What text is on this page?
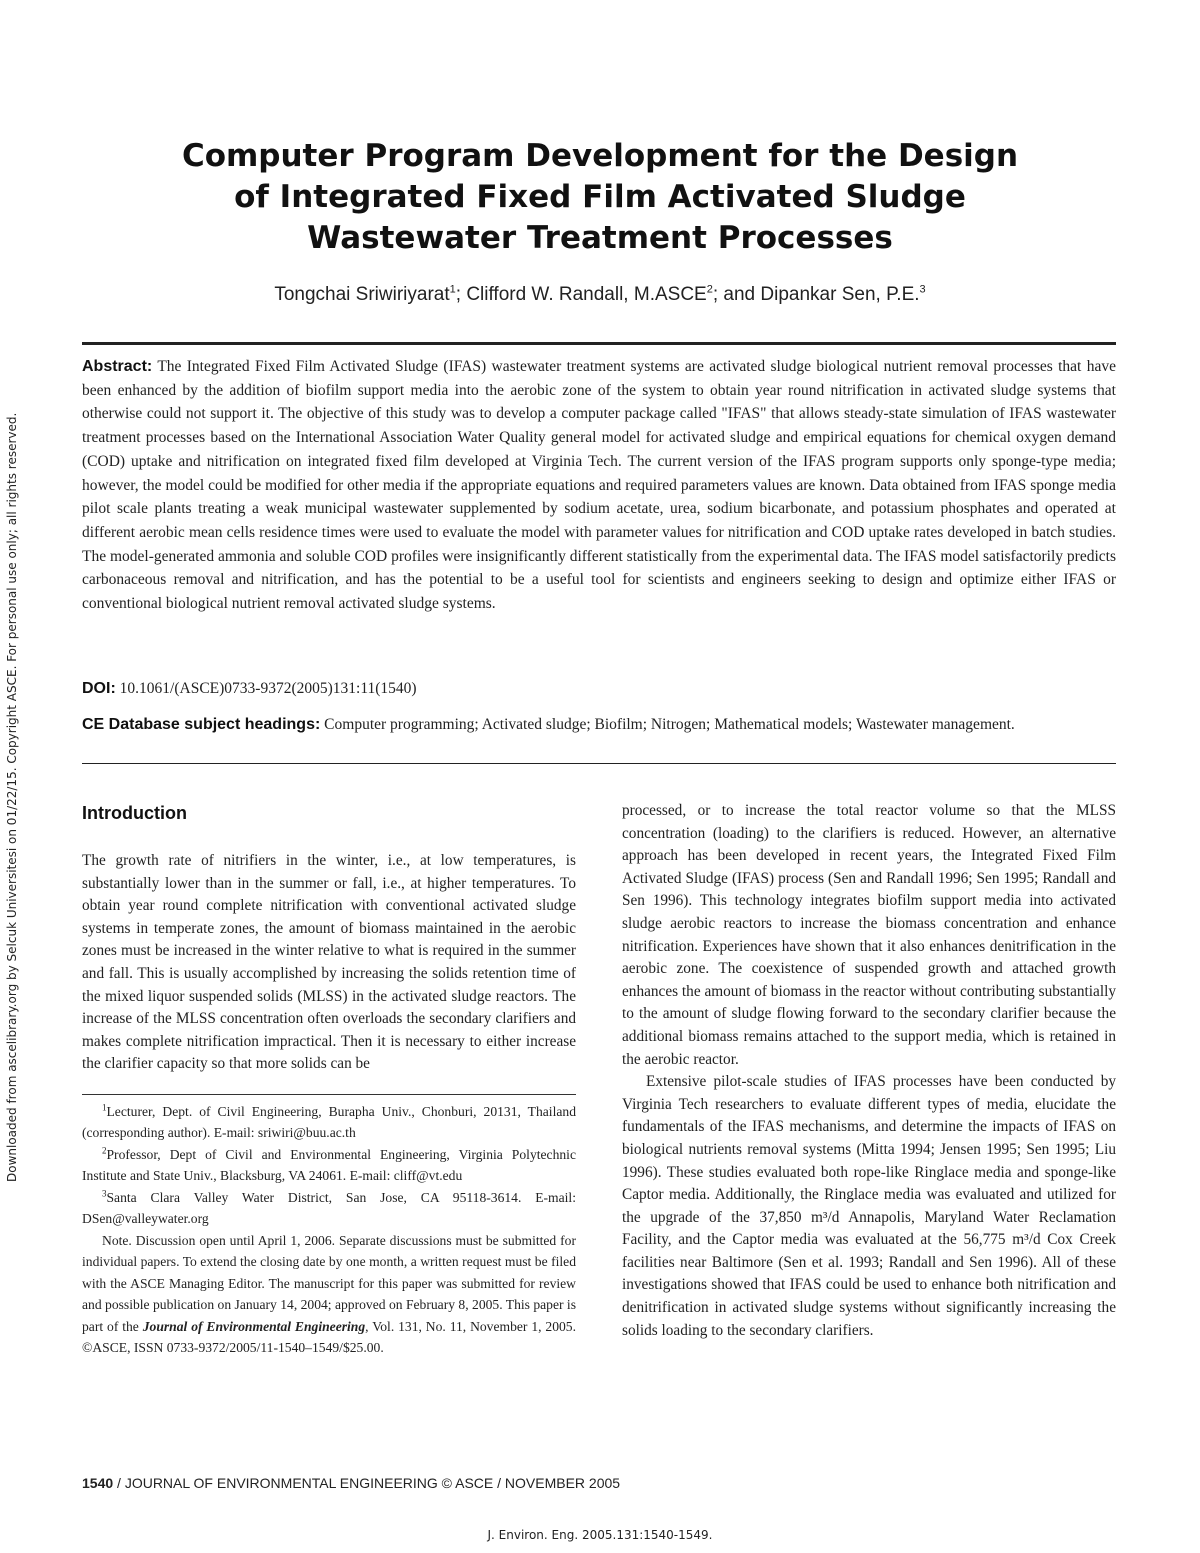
Downloaded from ascelibrary.org by Selcuk Universitesi on 01/22/15. Copyright ASCE. For personal use only; all rights reserved.
Computer Program Development for the Design
of Integrated Fixed Film Activated Sludge
Wastewater Treatment Processes
Tongchai Sriwiriyarat$^1$; Clifford W. Randall, M.ASCE$^2$; and Dipankar Sen, P.E.$^3$
Abstract: The Integrated Fixed Film Activated Sludge (IFAS) wastewater treatment systems are activated sludge biological nutrient removal processes that have been enhanced by the addition of biofilm support media into the aerobic zone of the system to obtain year round nitrification in activated sludge systems that otherwise could not support it. The objective of this study was to develop a computer package called "IFAS" that allows steady-state simulation of IFAS wastewater treatment processes based on the International Association Water Quality general model for activated sludge and empirical equations for chemical oxygen demand (COD) uptake and nitrification on integrated fixed film developed at Virginia Tech. The current version of the IFAS program supports only sponge-type media; however, the model could be modified for other media if the appropriate equations and required parameters values are known. Data obtained from IFAS sponge media pilot scale plants treating a weak municipal wastewater supplemented by sodium acetate, urea, sodium bicarbonate, and potassium phosphates and operated at different aerobic mean cells residence times were used to evaluate the model with parameter values for nitrification and COD uptake rates developed in batch studies. The model-generated ammonia and soluble COD profiles were insignificantly different statistically from the experimental data. The IFAS model satisfactorily predicts carbonaceous removal and nitrification, and has the potential to be a useful tool for scientists and engineers seeking to design and optimize either IFAS or conventional biological nutrient removal activated sludge systems.
DOI: 10.1061/(ASCE)0733-9372(2005)131:11(1540)
CE Database subject headings: Computer programming; Activated sludge; Biofilm; Nitrogen; Mathematical models; Wastewater management.
Introduction

The growth rate of nitrifiers in the winter, i.e., at low temperatures, is substantially lower than in the summer or fall, i.e., at higher temperatures. To obtain year round complete nitrification with conventional activated sludge systems in temperate zones, the amount of biomass maintained in the aerobic zones must be increased in the winter relative to what is required in the summer and fall. This is usually accomplished by increasing the solids retention time of the mixed liquor suspended solids (MLSS) in the activated sludge reactors. The increase of the MLSS concentration often overloads the secondary clarifiers and makes complete nitrification impractical. Then it is necessary to either increase the clarifier capacity so that more solids can be

$^1$Lecturer, Dept. of Civil Engineering, Burapha Univ., Chonburi, 20131, Thailand (corresponding author). E-mail: sriwiri@buu.ac.th

$^2$Professor, Dept of Civil and Environmental Engineering, Virginia Polytechnic Institute and State Univ., Blacksburg, VA 24061. E-mail: cliff@vt.edu

$^3$Santa Clara Valley Water District, San Jose, CA 95118-3614. E-mail: DSen@valleywater.org

Note. Discussion open until April 1, 2006. Separate discussions must be submitted for individual papers. To extend the closing date by one month, a written request must be filed with the ASCE Managing Editor. The manuscript for this paper was submitted for review and possible publication on January 14, 2004; approved on February 8, 2005. This paper is part of the Journal of Environmental Engineering, Vol. 131, No. 11, November 1, 2005. ©ASCE, ISSN 0733-9372/2005/11-1540–1549/$25.00.

processed, or to increase the total reactor volume so that the MLSS concentration (loading) to the clarifiers is reduced. However, an alternative approach has been developed in recent years, the Integrated Fixed Film Activated Sludge (IFAS) process (Sen and Randall 1996; Sen 1995; Randall and Sen 1996). This technology integrates biofilm support media into activated sludge aerobic reactors to increase the biomass concentration and enhance nitrification. Experiences have shown that it also enhances denitrification in the aerobic zone. The coexistence of suspended growth and attached growth enhances the amount of biomass in the reactor without contributing substantially to the amount of sludge flowing forward to the secondary clarifier because the additional biomass remains attached to the support media, which is retained in the aerobic reactor.

Extensive pilot-scale studies of IFAS processes have been conducted by Virginia Tech researchers to evaluate different types of media, elucidate the fundamentals of the IFAS mechanisms, and determine the impacts of IFAS on biological nutrients removal systems (Mitta 1994; Jensen 1995; Sen 1995; Liu 1996). These studies evaluated both rope-like Ringlace media and sponge-like Captor media. Additionally, the Ringlace media was evaluated and utilized for the upgrade of the 37,850 m³/d Annapolis, Maryland Water Reclamation Facility, and the Captor media was evaluated at the 56,775 m³/d Cox Creek facilities near Baltimore (Sen et al. 1993; Randall and Sen 1996). All of these investigations showed that IFAS could be used to enhance both nitrification and denitrification in activated sludge systems without significantly increasing the solids loading to the secondary clarifiers.

1540 / JOURNAL OF ENVIRONMENTAL ENGINEERING © ASCE / NOVEMBER 2005
J. Environ. Eng. 2005.131:1540-1549.
